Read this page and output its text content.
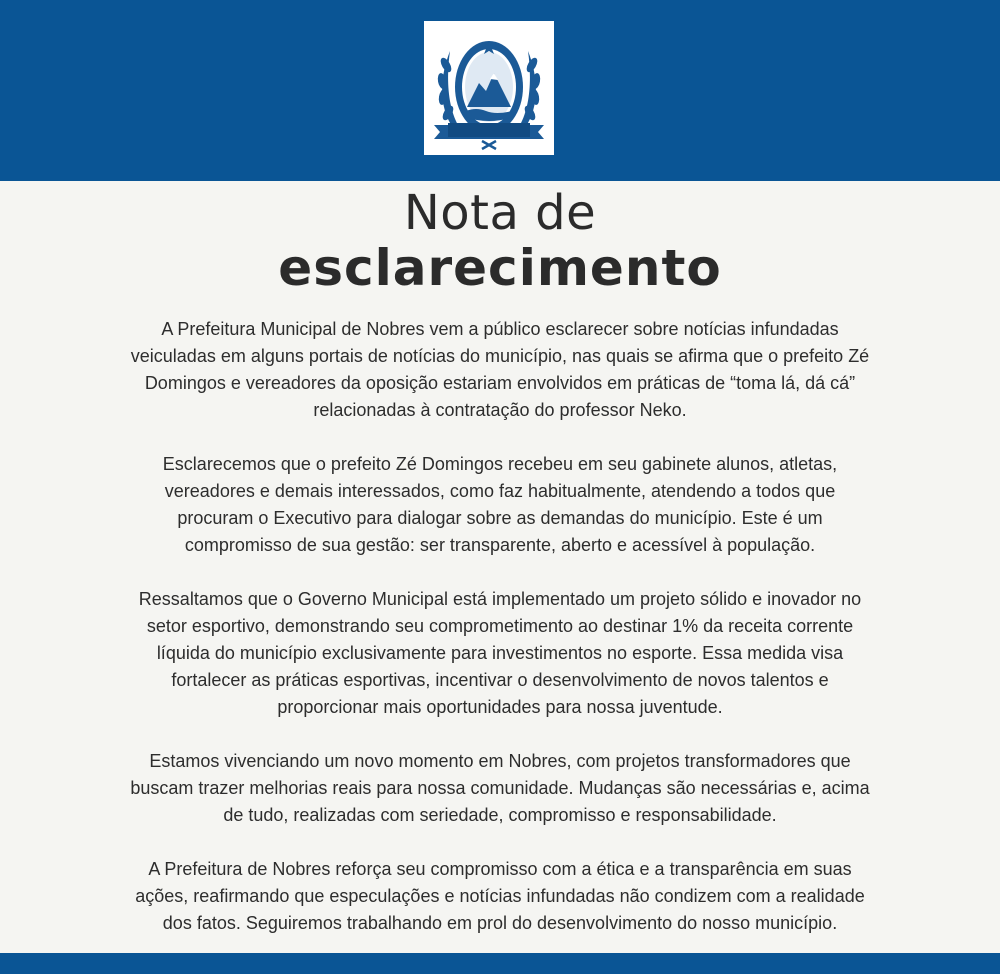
Nota de
esclarecimento

A Prefeitura Municipal de Nobres vem a público esclarecer sobre notícias infundadas
veiculadas em alguns portais de notícias do município, nas quais se afirma que o prefeito Zé
Domingos e vereadores da oposição estariam envolvidos em práticas de “toma lá, dá cá”
relacionadas à contratação do professor Neko.

Esclarecemos que o prefeito Zé Domingos recebeu em seu gabinete alunos, atletas,
vereadores e demais interessados, como faz habitualmente, atendendo a todos que
procuram o Executivo para dialogar sobre as demandas do município. Este é um
compromisso de sua gestão: ser transparente, aberto e acessível à população.

Ressaltamos que o Governo Municipal está implementado um projeto sólido e inovador no
setor esportivo, demonstrando seu comprometimento ao destinar 1% da receita corrente
líquida do município exclusivamente para investimentos no esporte. Essa medida visa
fortalecer as práticas esportivas, incentivar o desenvolvimento de novos talentos e
proporcionar mais oportunidades para nossa juventude.

Estamos vivenciando um novo momento em Nobres, com projetos transformadores que
buscam trazer melhorias reais para nossa comunidade. Mudanças são necessárias e, acima
de tudo, realizadas com seriedade, compromisso e responsabilidade.

A Prefeitura de Nobres reforça seu compromisso com a ética e a transparência em suas
ações, reafirmando que especulações e notícias infundadas não condizem com a realidade
dos fatos. Seguiremos trabalhando em prol do desenvolvimento do nosso município.
